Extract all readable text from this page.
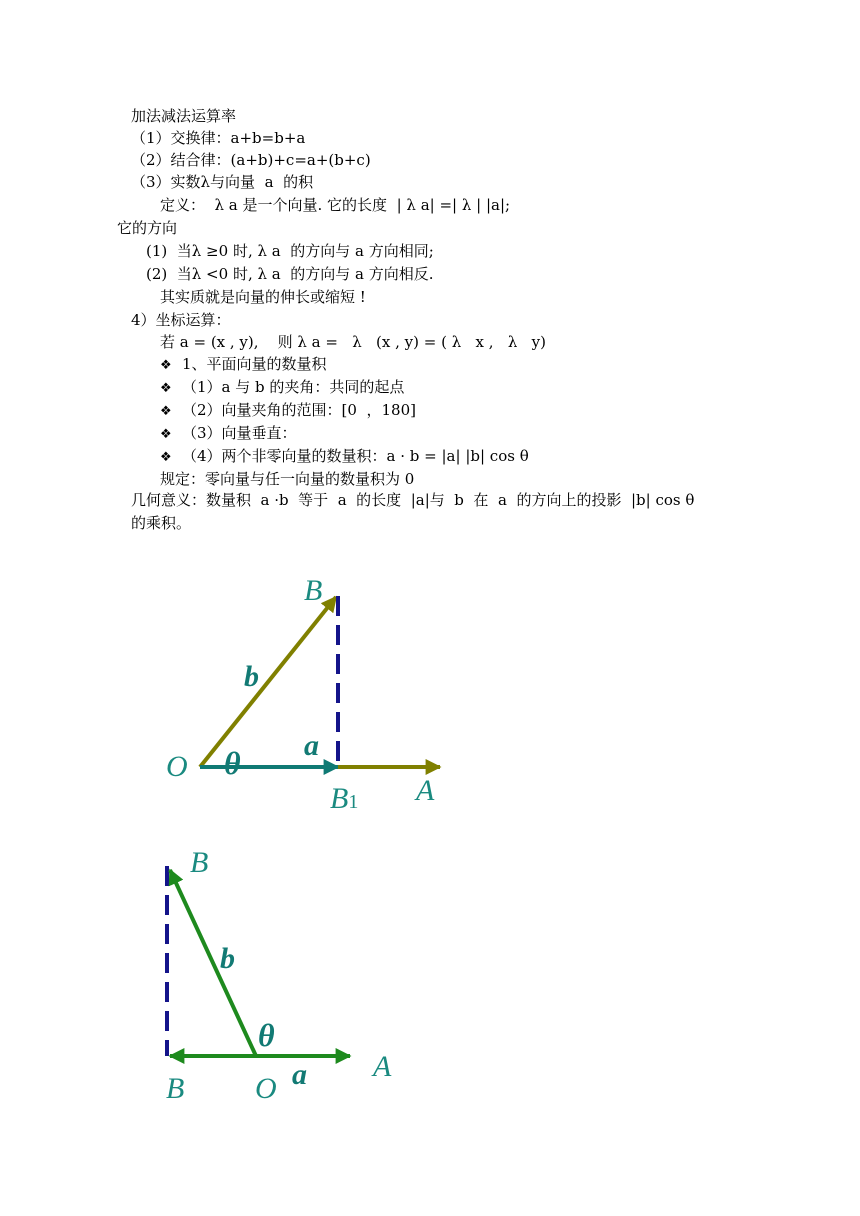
加法减法运算率
（1）交换律：a+b=b+a
（2）结合律：(a+b)+c=a+(b+c)
（3）实数λ与向量  a  的积
定义：  λ a 是一个向量. 它的长度  | λ a| =| λ | |a|;
它的方向
(1)  当λ ≥0 时, λ a  的方向与 a 方向相同;
(2)  当λ <0 时, λ a  的方向与 a 方向相反.
其实质就是向量的伸长或缩短 !
4）坐标运算：
若 a = (x , y),    则 λ a =   λ   (x , y) = ( λ   x ,   λ   y)
❖ 1、平面向量的数量积
❖ （1）a 与 b 的夹角：共同的起点
❖ （2）向量夹角的范围：[0  ，180]
❖ （3）向量垂直：
❖ （4）两个非零向量的数量积：a · b = |a| |b| cos θ
规定：零向量与任一向量的数量积为 0
几何意义：数量积  a ·b  等于  a  的长度  |a|与  b  在  a  的方向上的投影  |b| cos θ
的乘积。
B
b
O θ a
B1 A
B
b
θ
B O a A
